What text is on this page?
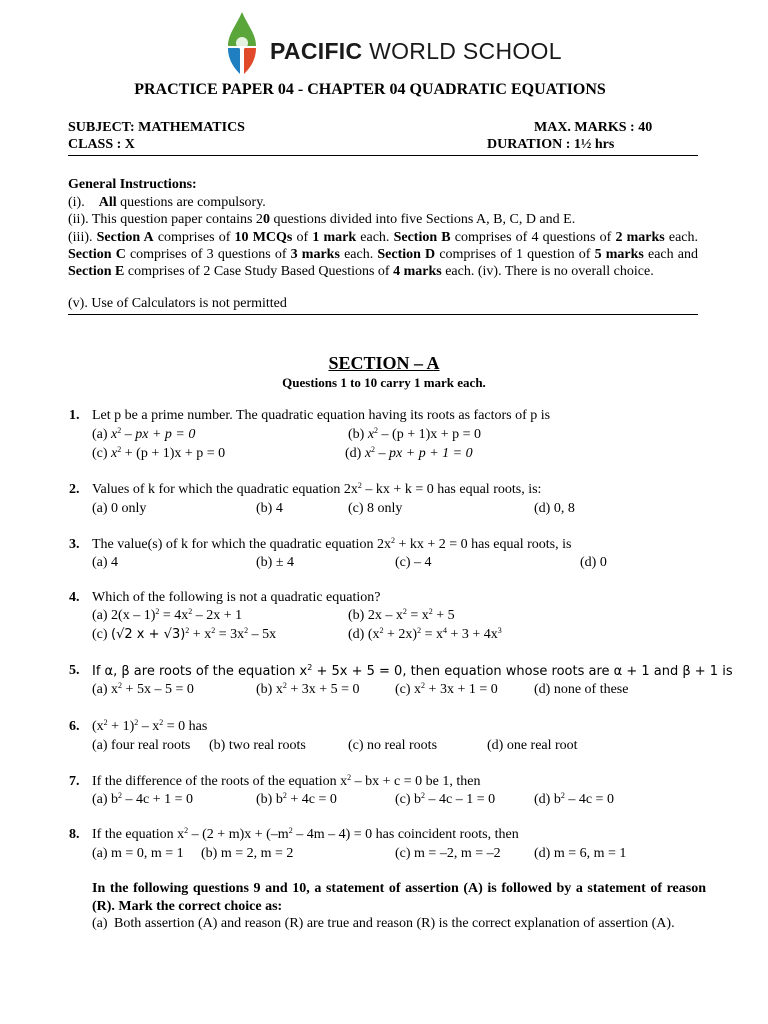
PACIFIC WORLD SCHOOL
PRACTICE PAPER 04 - CHAPTER 04 QUADRATIC EQUATIONS
SUBJECT: MATHEMATICS	MAX. MARKS : 40
CLASS : X	DURATION : 1½ hrs
General Instructions:
(i). All questions are compulsory.
(ii). This question paper contains 20 questions divided into five Sections A, B, C, D and E.
(iii). Section A comprises of 10 MCQs of 1 mark each. Section B comprises of 4 questions of 2 marks each. Section C comprises of 3 questions of 3 marks each. Section D comprises of 1 question of 5 marks each and Section E comprises of 2 Case Study Based Questions of 4 marks each. (iv). There is no overall choice.
(v). Use of Calculators is not permitted
SECTION – A
Questions 1 to 10 carry 1 mark each.
1. Let p be a prime number. The quadratic equation having its roots as factors of p is
(a) $x^2$ – px + p = 0	(b) $x^2 - (p + 1)x + p = 0$
(c) $x^2 + (p + 1)x + p = 0$	(d) $x^2$ – px + p + 1 = 0
2. Values of k for which the quadratic equation $2x^2$ – kx + k = 0 has equal roots, is:
(a) 0 only	(b) 4	(c) 8 only	(d) 0, 8
3. The value(s) of k for which the quadratic equation $2x^2$ + kx + 2 = 0 has equal roots, is
(a) 4	(b) ± 4	(c) – 4	(d) 0
4. Which of the following is not a quadratic equation?
(a) $2(x - 1)^2 = 4x^2 - 2x + 1$	(b) $2x - x^2 = x^2 + 5$
(c) (√2 $x + √3)^2 + x^2 = 3x^2 - 5x$	(d) $(x^2 + 2x)^2 = x^4 + 3 + 4x^3$
5. If α, β are roots of the equation $x^2 + 5x + 5 = 0$, then equation whose roots are α + 1 and β + 1 is
(a) $x^2 + 5x - 5 = 0$	(b) $x^2 + 3x + 5 = 0$	(c) $x^2 + 3x + 1 = 0$	(d) none of these
6. $(x^2 + 1)^2 - x^2 = 0$ has
(a) four real roots (b) two real roots	(c) no real roots	(d) one real root
7. If the difference of the roots of the equation $x^2$ – bx + c = 0 be 1, then
(a) $b^2 - 4c + 1 = 0$	(b) $b^2 + 4c = 0$	(c) $b^2 - 4c - 1 = 0$	(d) $b^2 - 4c = 0$
8. If the equation $x^2 - (2 + m)x + (-m^2 - 4m - 4) = 0$ has coincident roots, then
(a) m = 0, m = 1 (b) m = 2, m = 2	(c) m = –2, m = –2 (d) m = 6, m = 1
In the following questions 9 and 10, a statement of assertion (A) is followed by a statement of reason (R). Mark the correct choice as:
(a) Both assertion (A) and reason (R) are true and reason (R) is the correct explanation of assertion (A).
